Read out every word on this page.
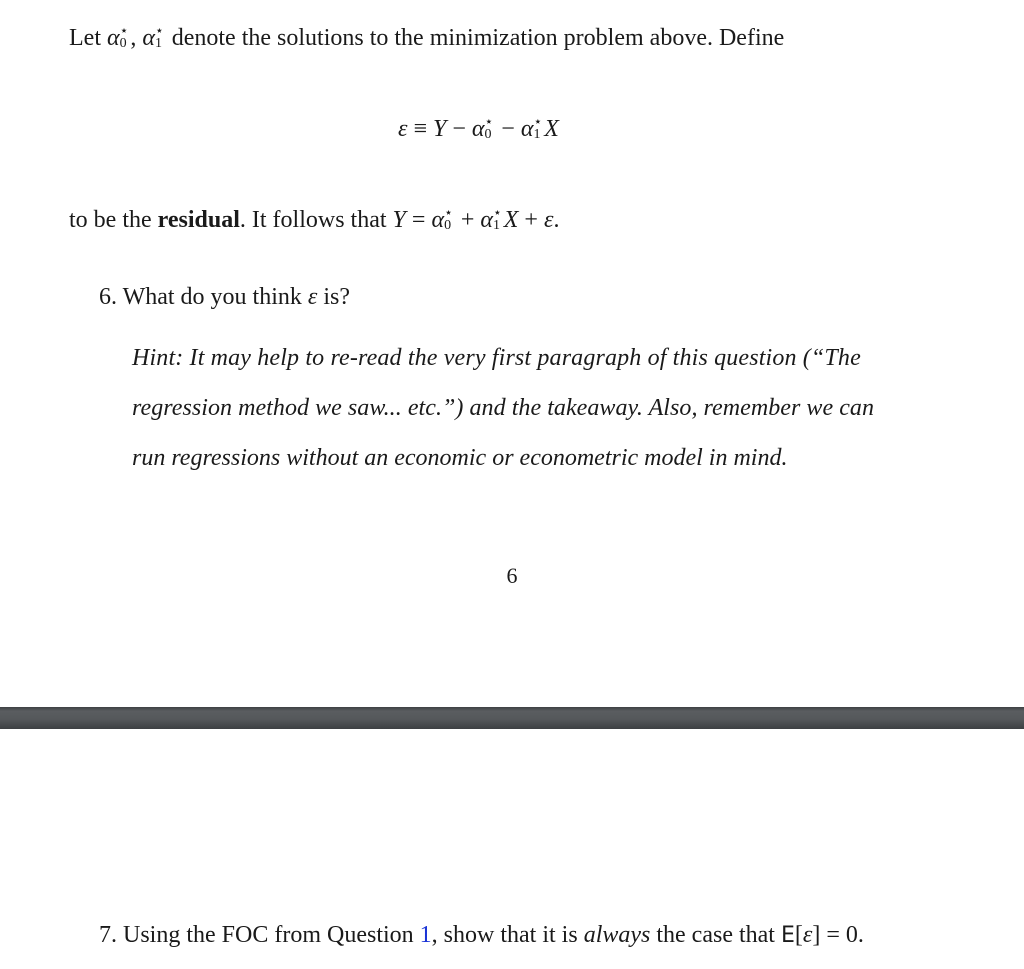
Let α ⋆
0 , α ⋆
1 denote the solutions to the minimization problem above. Define
ε ≡ Y − α ⋆
0 − α ⋆
1 X
to be the residual. It follows that Y = α ⋆
0 + α ⋆
1 X + ε.
6. What do you think ε is?
Hint: It may help to re-read the very first paragraph of this question (“The
regression method we saw... etc.”) and the takeaway. Also, remember we can
run regressions without an economic or econometric model in mind.
6
7. Using the FOC from Question 1, show that it is always the case that E[ε] = 0.
